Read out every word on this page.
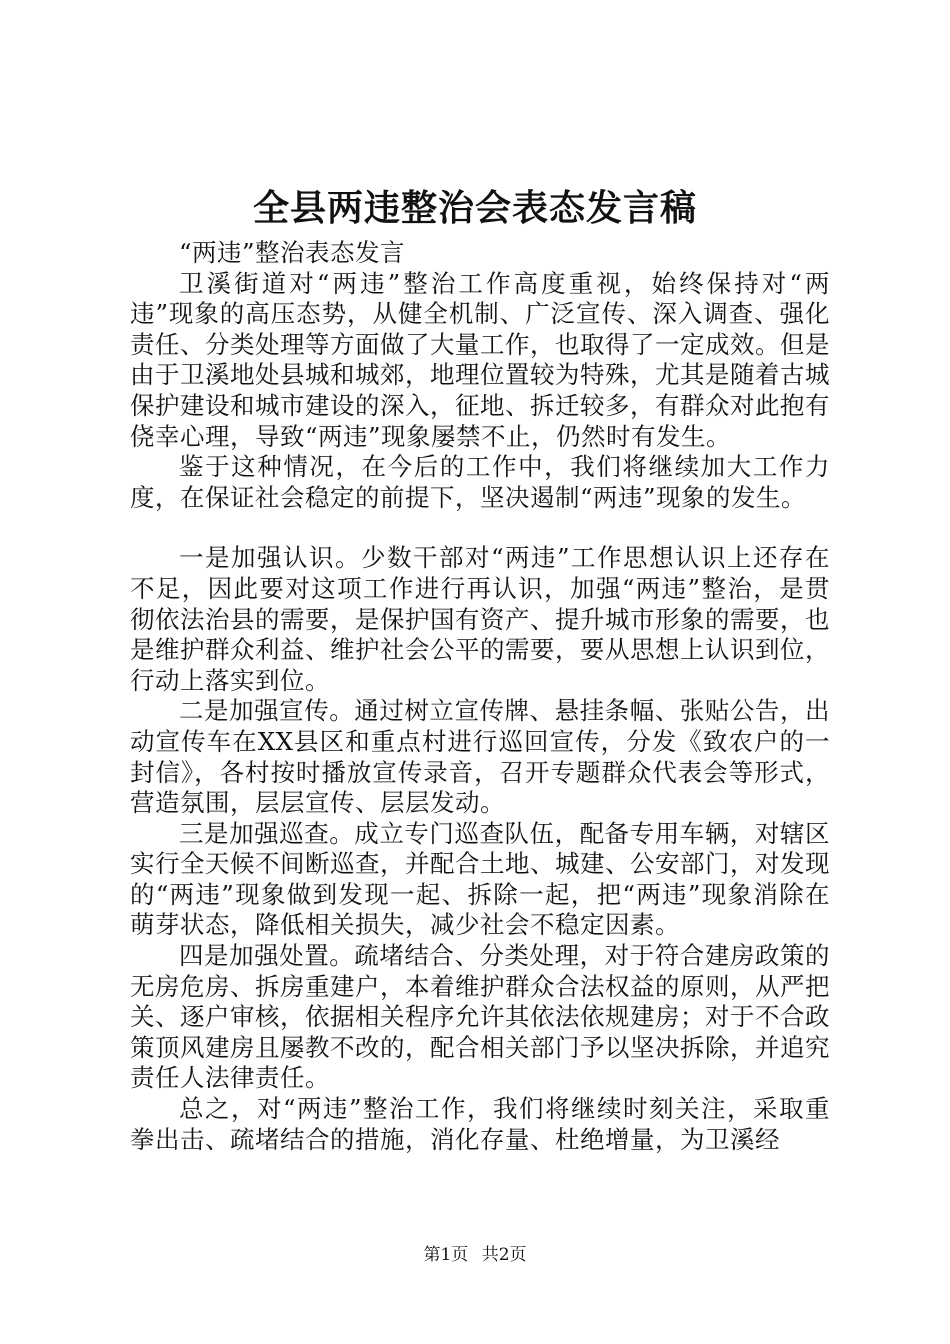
全县两违整治会表态发言稿

“两违”整治表态发言

卫溪街道对“两违”整治工作高度重视，始终保持对“两违”现象的高压态势，从健全机制、广泛宣传、深入调查、强化责任、分类处理等方面做了大量工作，也取得了一定成效。但是由于卫溪地处县城和城郊，地理位置较为特殊，尤其是随着古城保护建设和城市建设的深入，征地、拆迁较多，有群众对此抱有侥幸心理，导致“两违”现象屡禁不止，仍然时有发生。

鉴于这种情况，在今后的工作中，我们将继续加大工作力度，在保证社会稳定的前提下，坚决遏制“两违”现象的发生。

一是加强认识。少数干部对“两违”工作思想认识上还存在不足，因此要对这项工作进行再认识，加强“两违”整治，是贯彻依法治县的需要，是保护国有资产、提升城市形象的需要，也是维护群众利益、维护社会公平的需要，要从思想上认识到位，行动上落实到位。

二是加强宣传。通过树立宣传牌、悬挂条幅、张贴公告，出动宣传车在XX县区和重点村进行巡回宣传，分发《致农户的一封信》，各村按时播放宣传录音，召开专题群众代表会等形式，营造氛围，层层宣传、层层发动。

三是加强巡查。成立专门巡查队伍，配备专用车辆，对辖区实行全天候不间断巡查，并配合土地、城建、公安部门，对发现的“两违”现象做到发现一起、拆除一起，把“两违”现象消除在萌芽状态，降低相关损失，减少社会不稳定因素。

四是加强处置。疏堵结合、分类处理，对于符合建房政策的无房危房、拆房重建户，本着维护群众合法权益的原则，从严把关、逐户审核，依据相关程序允许其依法依规建房；对于不合政策顶风建房且屡教不改的，配合相关部门予以坚决拆除，并追究责任人法律责任。

总之，对“两违”整治工作，我们将继续时刻关注，采取重拳出击、疏堵结合的措施，消化存量、杜绝增量，为卫溪经

第1页 共2页
